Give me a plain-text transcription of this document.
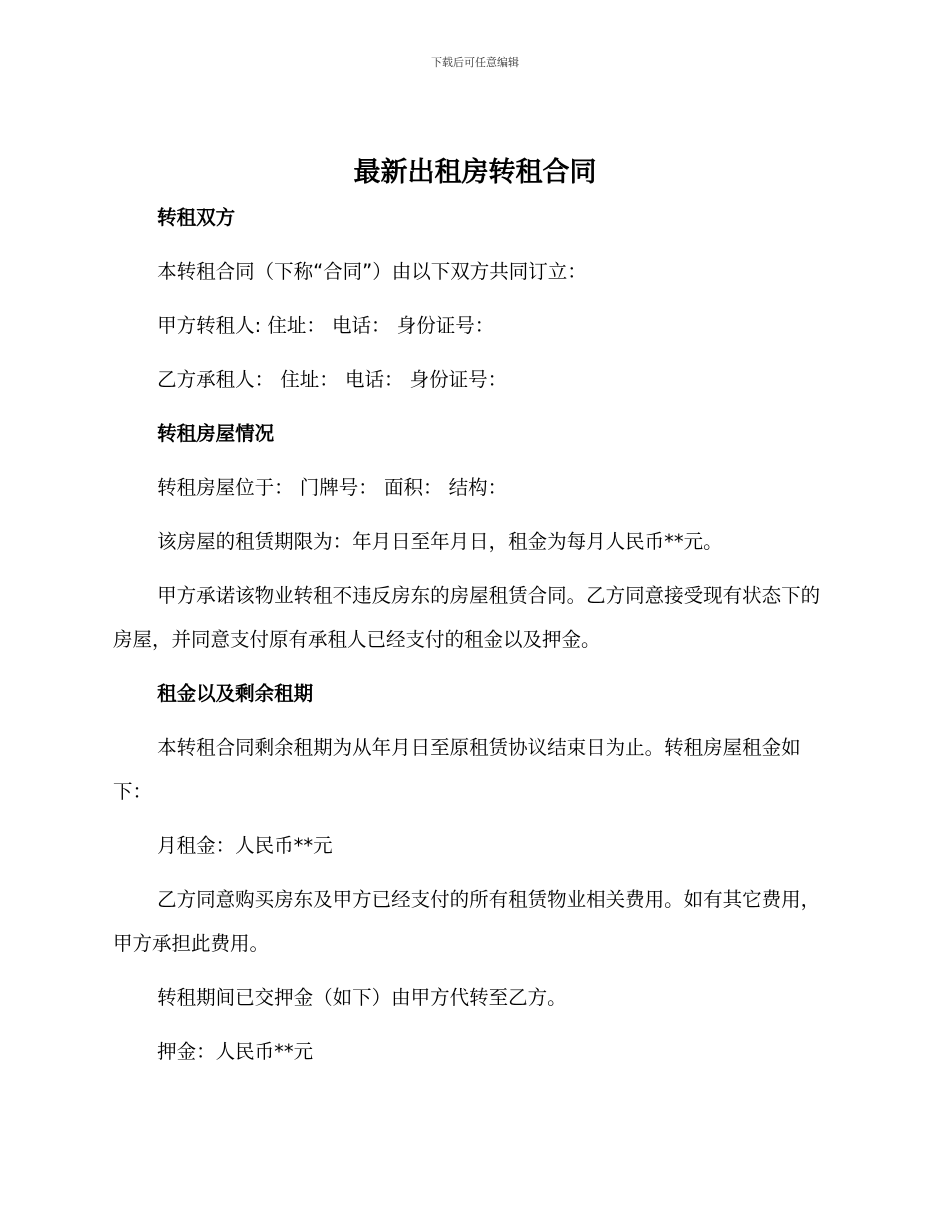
下载后可任意编辑
最新出租房转租合同

转租双方

本转租合同（下称“合同”）由以下双方共同订立：

甲方转租人: 住址： 电话： 身份证号：

乙方承租人： 住址： 电话： 身份证号：

转租房屋情况

转租房屋位于： 门牌号： 面积： 结构：

该房屋的租赁期限为：年月日至年月日，租金为每月人民币**元。

甲方承诺该物业转租不违反房东的房屋租赁合同。乙方同意接受现有状态下的房屋，并同意支付原有承租人已经支付的租金以及押金。

租金以及剩余租期

本转租合同剩余租期为从年月日至原租赁协议结束日为止。转租房屋租金如下：

月租金：人民币**元

乙方同意购买房东及甲方已经支付的所有租赁物业相关费用。如有其它费用，甲方承担此费用。

转租期间已交押金（如下）由甲方代转至乙方。

押金：人民币**元
